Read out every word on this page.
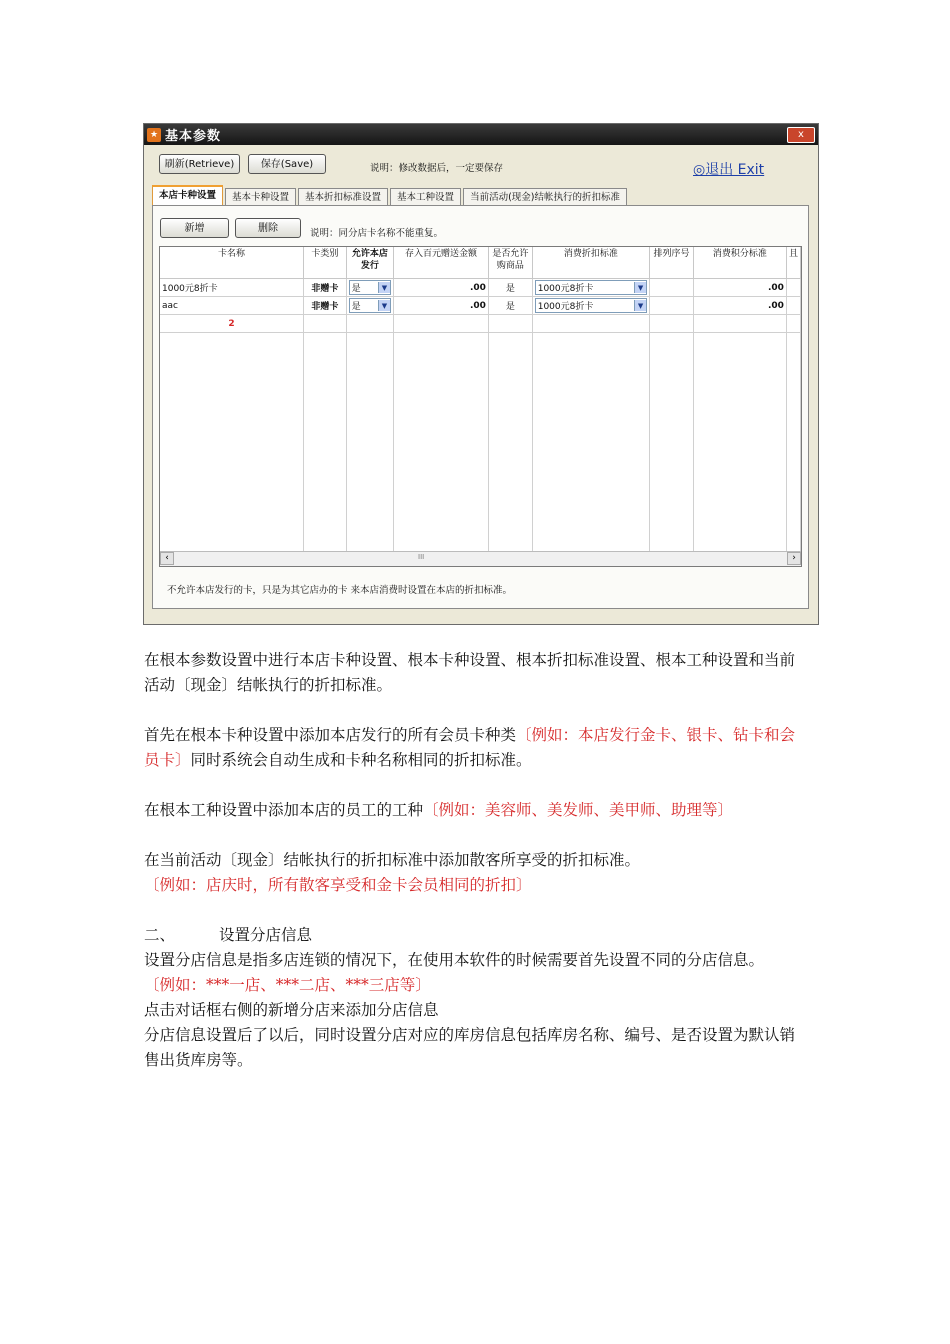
★ 基本参数	x
刷新(Retrieve)	保存(Save)	说明：修改数据后，一定要保存	◎退出 Exit
本店卡种设置	基本卡种设置	基本折扣标准设置	基本工种设置	当前活动(现金)结帐执行的折扣标准
新增	删除	说明：同分店卡名称不能重复。
卡名称	卡类别	允许本店发行	存入百元赠送金额	是否允许购商品	消费折扣标准	排列序号	消费积分标准	且
1000元8折卡	非赠卡	是 ▼	.00	是	1000元8折卡 ▼		.00	
aac	非赠卡	是 ▼	.00	是	1000元8折卡 ▼		.00	
2								

‹	III	›
不允许本店发行的卡，只是为其它店办的卡 来本店消费时设置在本店的折扣标准。

在根本参数设置中进行本店卡种设置、根本卡种设置、根本折扣标准设置、根本工种设置和当前活动〔现金〕结帐执行的折扣标准。

首先在根本卡种设置中添加本店发行的所有会员卡种类〔例如：本店发行金卡、银卡、钻卡和会员卡〕同时系统会自动生成和卡种名称相同的折扣标准。

在根本工种设置中添加本店的员工的工种〔例如：美容师、美发师、美甲师、助理等〕

在当前活动〔现金〕结帐执行的折扣标准中添加散客所享受的折扣标准。
〔例如：店庆时，所有散客享受和金卡会员相同的折扣〕

二、	设置分店信息

设置分店信息是指多店连锁的情况下，在使用本软件的时候需要首先设置不同的分店信息。
〔例如：***一店、***二店、***三店等〕
点击对话框右侧的新增分店来添加分店信息
分店信息设置后了以后，同时设置分店对应的库房信息包括库房名称、编号、是否设置为默认销售出货库房等。
